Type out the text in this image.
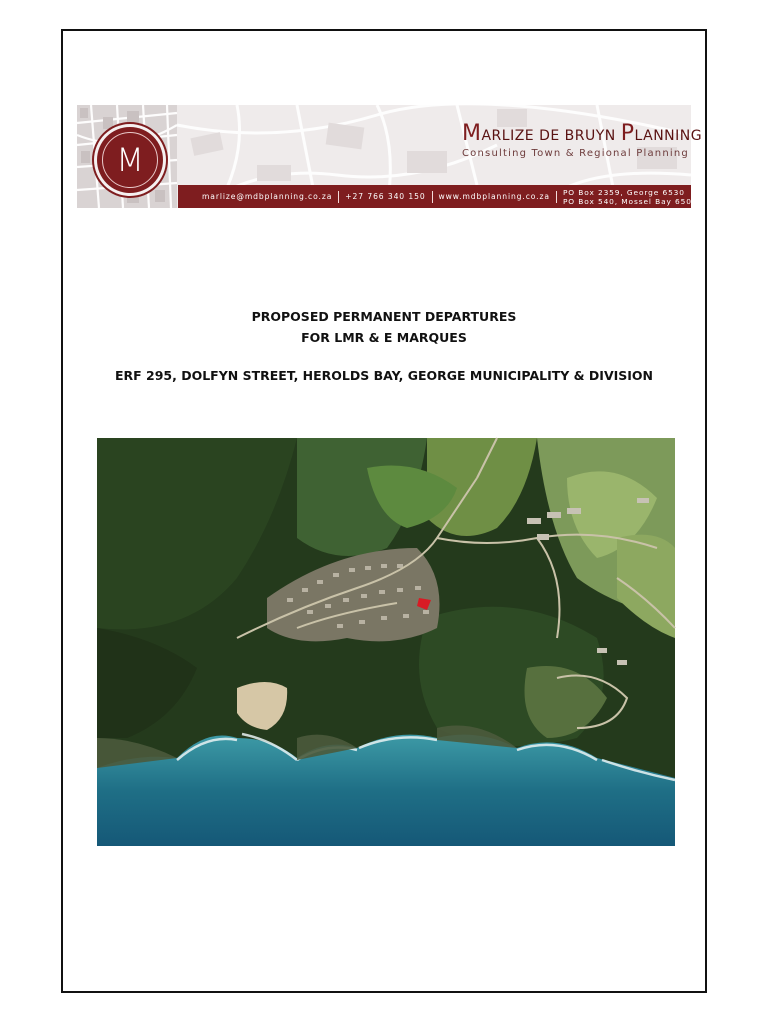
M
MARLIZE DE BRUYN PLANNING
Consulting Town & Regional Planning
marlize@mdbplanning.co.za	+27 766 340 150	www.mdbplanning.co.za	PO Box 2359, George 6530
PO Box 540, Mossel Bay 6500
PROPOSED PERMANENT DEPARTURES
FOR LMR & E MARQUES
ERF 295, DOLFYN STREET, HEROLDS BAY, GEORGE MUNICIPALITY & DIVISION
